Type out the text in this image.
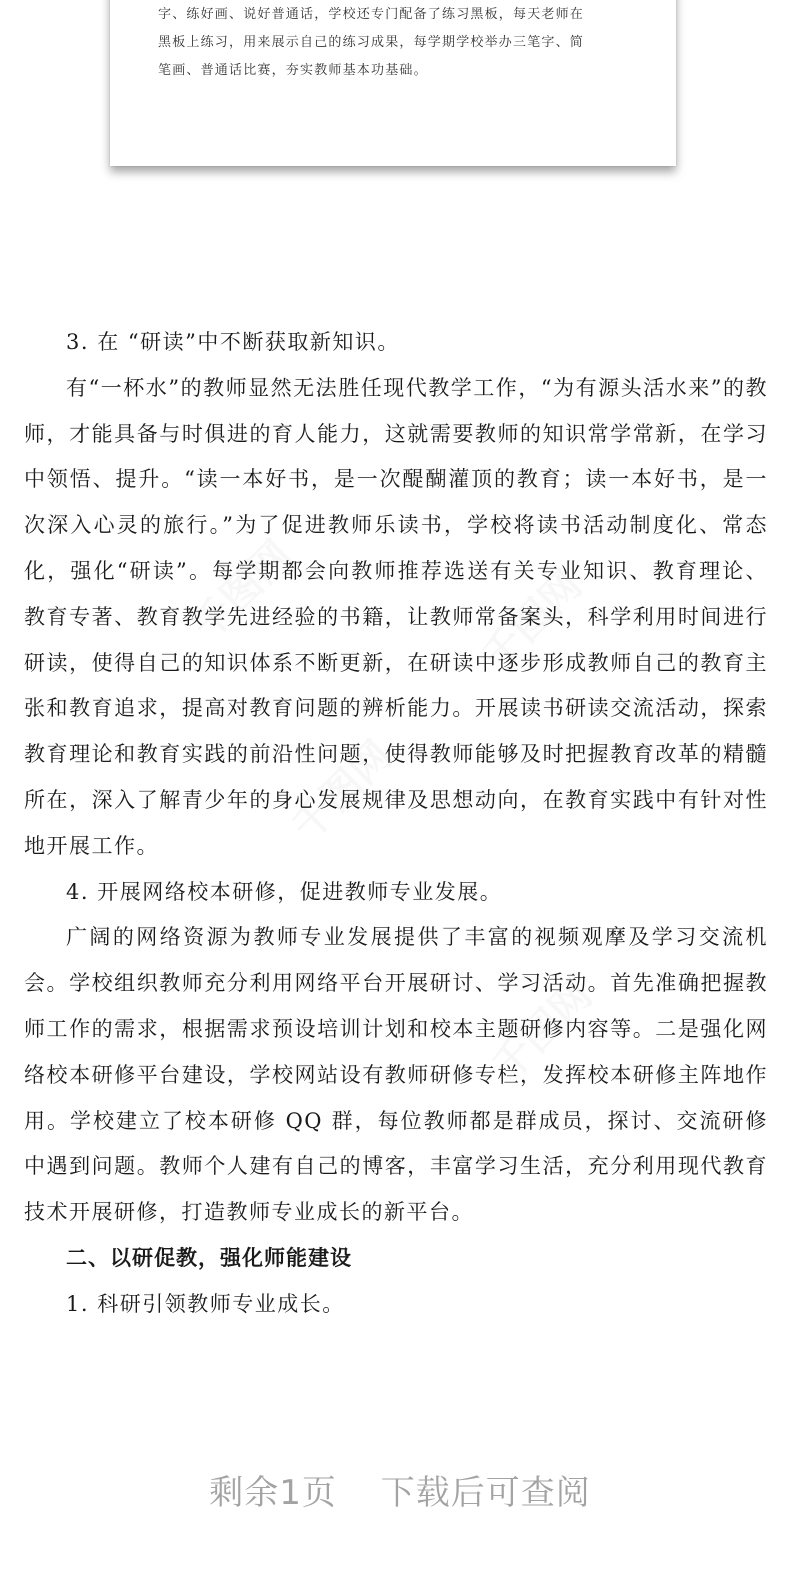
字、练好画、说好普通话，学校还专门配备了练习黑板，每天老师在
黑板上练习，用来展示自己的练习成果，每学期学校举办三笔字、简
笔画、普通话比赛，夯实教师基本功基础。
千图网	千图网
千图网
千图网

3. 在 “研读”中不断获取新知识。

有“一杯水”的教师显然无法胜任现代教学工作，“为有源头活水来”的教师，才能具备与时俱进的育人能力，这就需要教师的知识常学常新，在学习中领悟、提升。“读一本好书，是一次醍醐灌顶的教育；读一本好书，是一次深入心灵的旅行。”为了促进教师乐读书，学校将读书活动制度化、常态化，强化“研读”。每学期都会向教师推荐选送有关专业知识、教育理论、教育专著、教育教学先进经验的书籍，让教师常备案头，科学利用时间进行研读，使得自己的知识体系不断更新，在研读中逐步形成教师自己的教育主张和教育追求，提高对教育问题的辨析能力。开展读书研读交流活动，探索教育理论和教育实践的前沿性问题，使得教师能够及时把握教育改革的精髓所在，深入了解青少年的身心发展规律及思想动向，在教育实践中有针对性地开展工作。

4. 开展网络校本研修，促进教师专业发展。

广阔的网络资源为教师专业发展提供了丰富的视频观摩及学习交流机会。学校组织教师充分利用网络平台开展研讨、学习活动。首先准确把握教师工作的需求，根据需求预设培训计划和校本主题研修内容等。二是强化网络校本研修平台建设，学校网站设有教师研修专栏，发挥校本研修主阵地作用。学校建立了校本研修 QQ 群，每位教师都是群成员，探讨、交流研修中遇到问题。教师个人建有自己的博客，丰富学习生活，充分利用现代教育技术开展研修，打造教师专业成长的新平台。

二、以研促教，强化师能建设

1. 科研引领教师专业成长。

剩余1页 下载后可查阅
